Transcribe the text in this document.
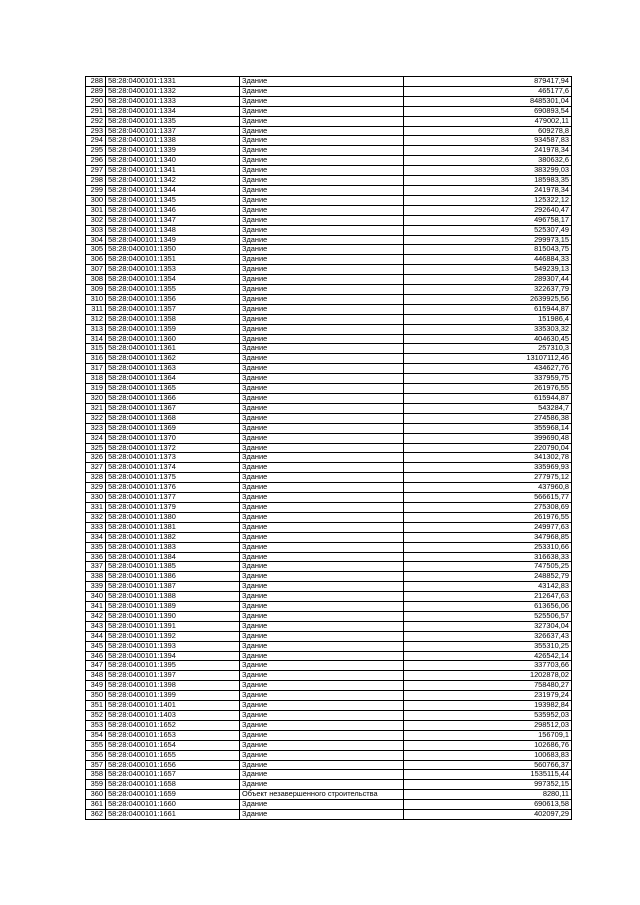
288	58:28:0400101:1331	Здание	879417,94
289	58:28:0400101:1332	Здание	465177,6
290	58:28:0400101:1333	Здание	8485301,04
291	58:28:0400101:1334	Здание	690893,54
292	58:28:0400101:1335	Здание	479002,11
293	58:28:0400101:1337	Здание	609278,8
294	58:28:0400101:1338	Здание	934587,83
295	58:28:0400101:1339	Здание	241978,34
296	58:28:0400101:1340	Здание	380632,6
297	58:28:0400101:1341	Здание	383299,03
298	58:28:0400101:1342	Здание	185983,35
299	58:28:0400101:1344	Здание	241978,34
300	58:28:0400101:1345	Здание	125322,12
301	58:28:0400101:1346	Здание	292640,47
302	58:28:0400101:1347	Здание	496758,17
303	58:28:0400101:1348	Здание	525307,49
304	58:28:0400101:1349	Здание	299973,15
305	58:28:0400101:1350	Здание	815043,75
306	58:28:0400101:1351	Здание	446884,33
307	58:28:0400101:1353	Здание	549239,13
308	58:28:0400101:1354	Здание	289307,44
309	58:28:0400101:1355	Здание	322637,79
310	58:28:0400101:1356	Здание	2639925,56
311	58:28:0400101:1357	Здание	615944,87
312	58:28:0400101:1358	Здание	151986,4
313	58:28:0400101:1359	Здание	335303,32
314	58:28:0400101:1360	Здание	404630,45
315	58:28:0400101:1361	Здание	257310,3
316	58:28:0400101:1362	Здание	13107112,46
317	58:28:0400101:1363	Здание	434627,76
318	58:28:0400101:1364	Здание	337959,75
319	58:28:0400101:1365	Здание	261976,55
320	58:28:0400101:1366	Здание	615944,87
321	58:28:0400101:1367	Здание	543284,7
322	58:28:0400101:1368	Здание	274586,38
323	58:28:0400101:1369	Здание	355968,14
324	58:28:0400101:1370	Здание	399690,48
325	58:28:0400101:1372	Здание	220790,04
326	58:28:0400101:1373	Здание	341302,78
327	58:28:0400101:1374	Здание	335969,93
328	58:28:0400101:1375	Здание	277975,12
329	58:28:0400101:1376	Здание	437960,8
330	58:28:0400101:1377	Здание	566615,77
331	58:28:0400101:1379	Здание	275308,69
332	58:28:0400101:1380	Здание	261976,55
333	58:28:0400101:1381	Здание	249977,63
334	58:28:0400101:1382	Здание	347968,85
335	58:28:0400101:1383	Здание	253310,66
336	58:28:0400101:1384	Здание	316638,33
337	58:28:0400101:1385	Здание	747505,25
338	58:28:0400101:1386	Здание	248852,79
339	58:28:0400101:1387	Здание	43142,83
340	58:28:0400101:1388	Здание	212647,63
341	58:28:0400101:1389	Здание	613656,06
342	58:28:0400101:1390	Здание	525506,57
343	58:28:0400101:1391	Здание	327304,04
344	58:28:0400101:1392	Здание	326637,43
345	58:28:0400101:1393	Здание	355310,25
346	58:28:0400101:1394	Здание	426542,14
347	58:28:0400101:1395	Здание	337703,66
348	58:28:0400101:1397	Здание	1202878,02
349	58:28:0400101:1398	Здание	758480,27
350	58:28:0400101:1399	Здание	231979,24
351	58:28:0400101:1401	Здание	193982,84
352	58:28:0400101:1403	Здание	535952,03
353	58:28:0400101:1652	Здание	298512,03
354	58:28:0400101:1653	Здание	156709,1
355	58:28:0400101:1654	Здание	102686,76
356	58:28:0400101:1655	Здание	100683,83
357	58:28:0400101:1656	Здание	560766,37
358	58:28:0400101:1657	Здание	1535115,44
359	58:28:0400101:1658	Здание	997352,15
360	58:28:0400101:1659	Объект незавершенного строительства	8280,11
361	58:28:0400101:1660	Здание	690613,58
362	58:28:0400101:1661	Здание	402097,29
